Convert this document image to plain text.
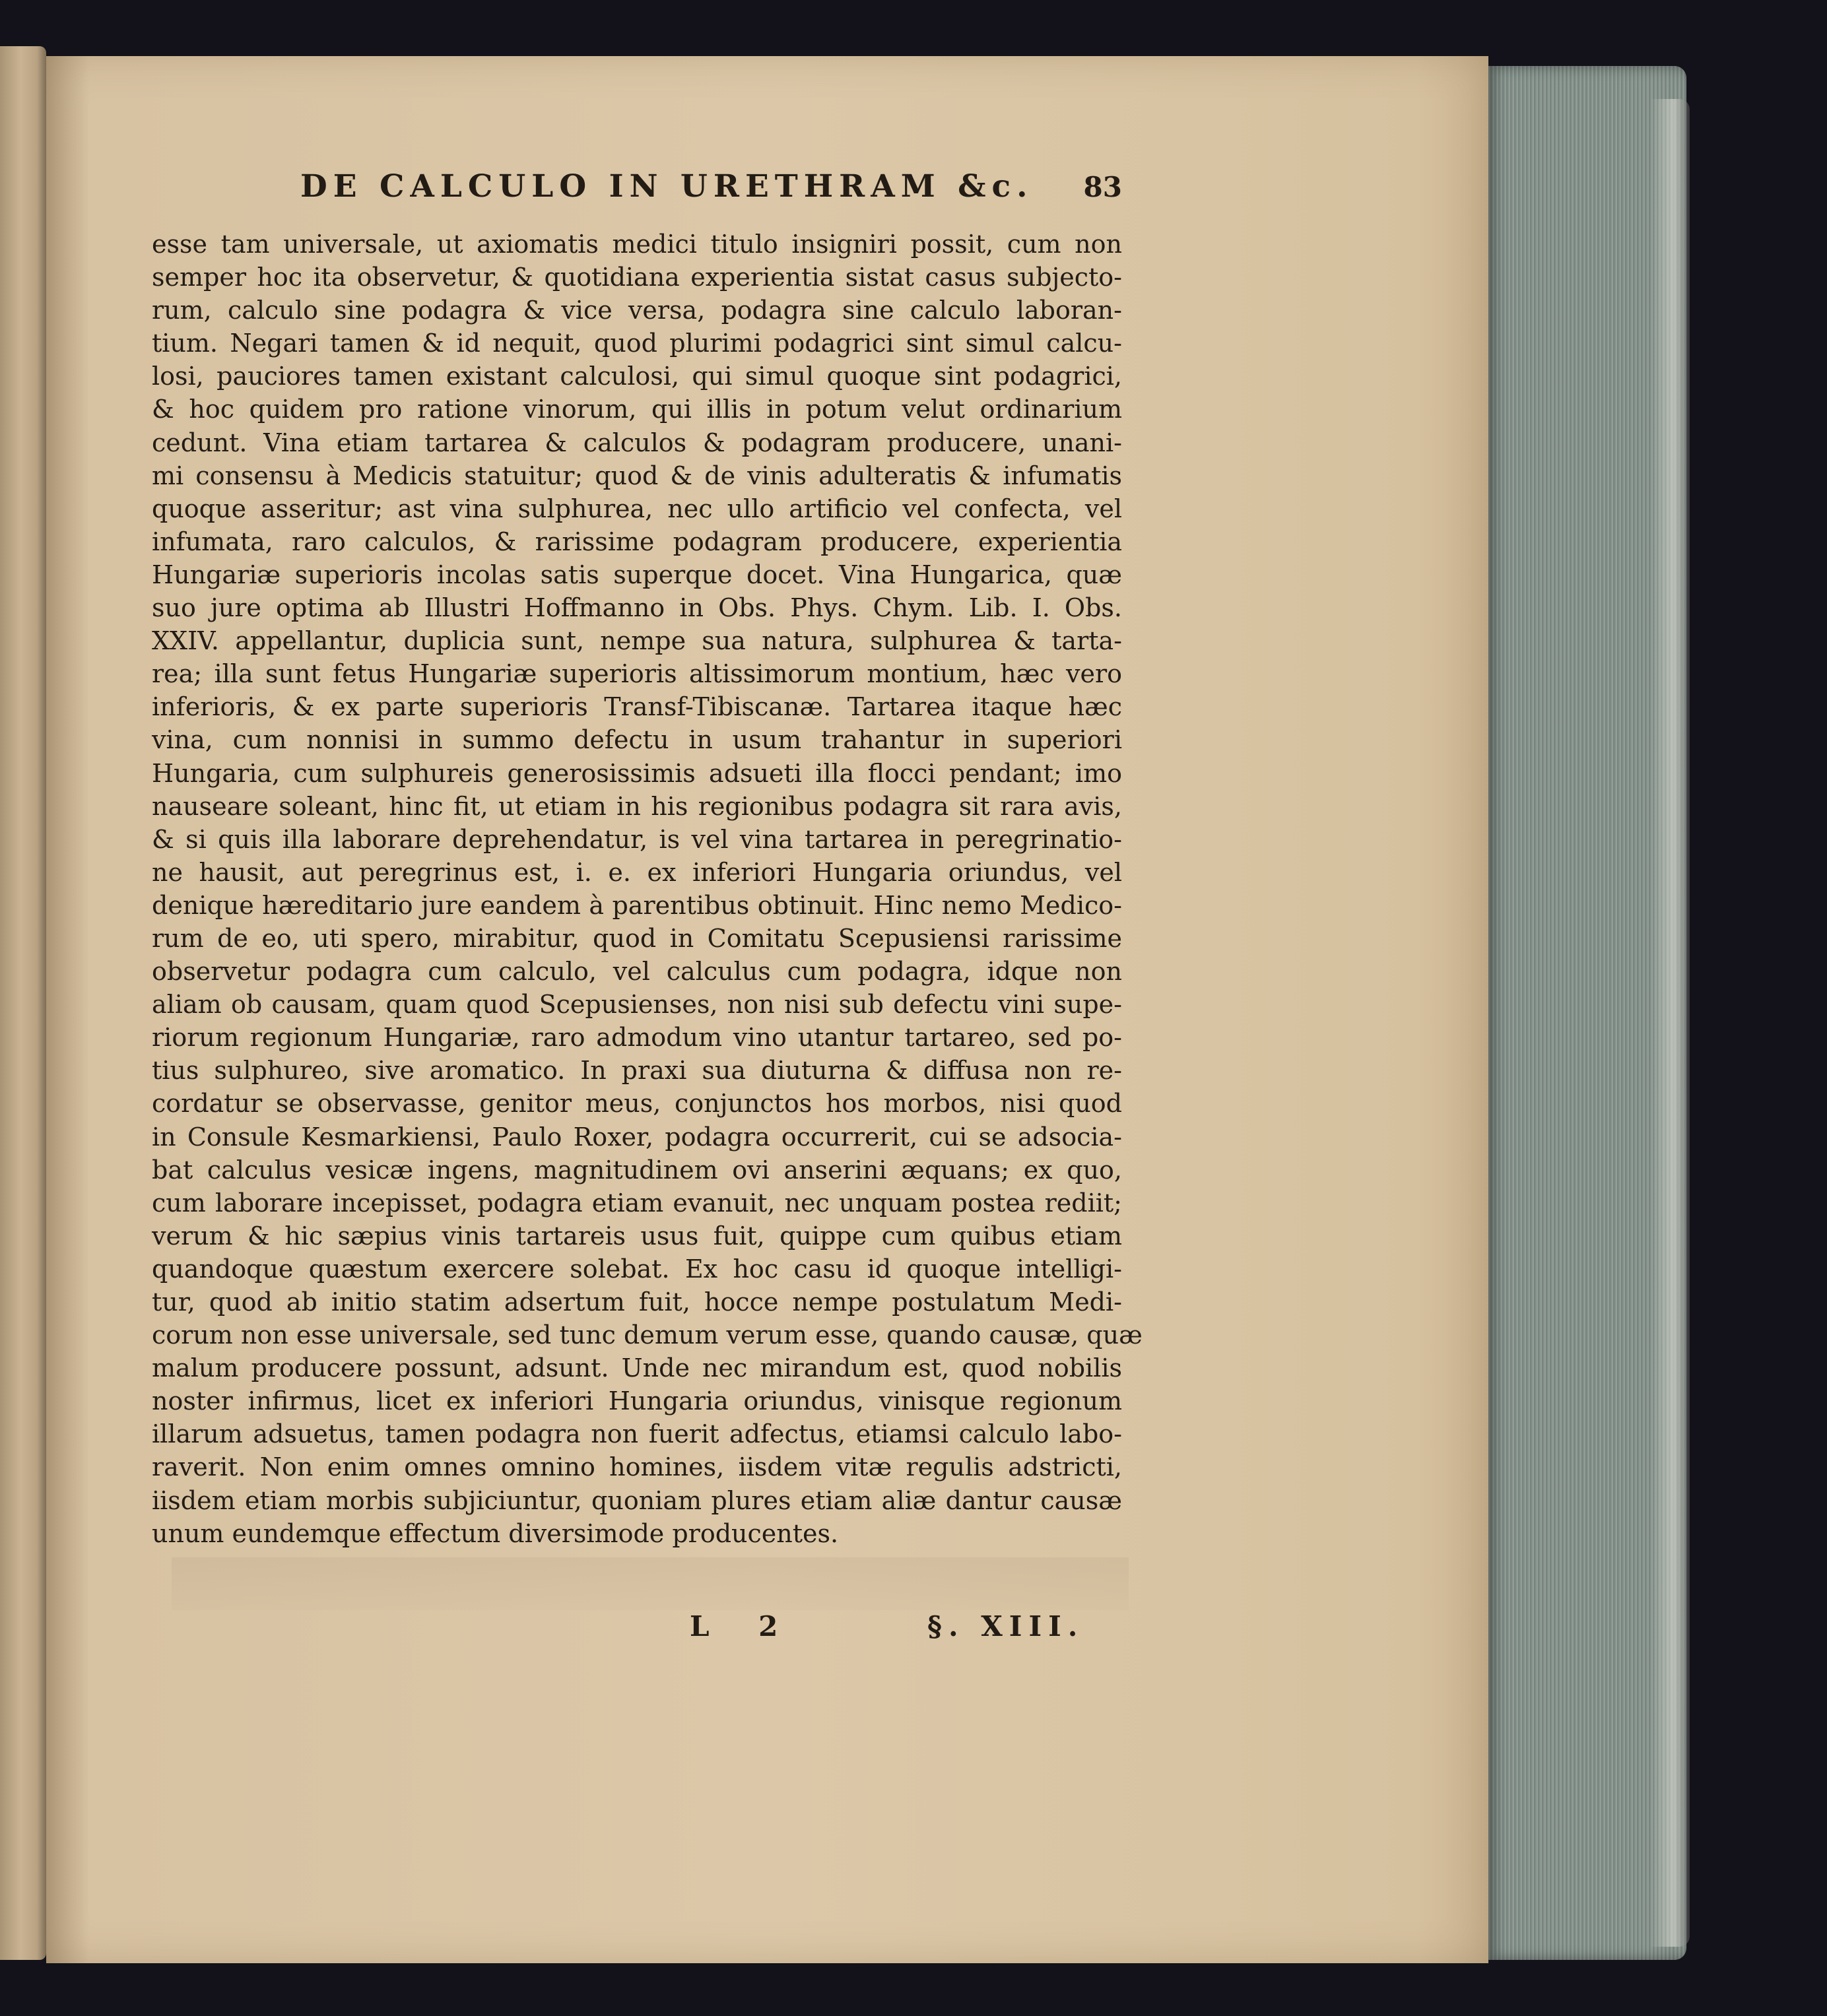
DE CALCULO IN URETHRAM &c. 83
esse tam universale, ut axiomatis medici titulo insigniri possit, cum non
semper hoc ita observetur, & quotidiana experientia sistat casus subjecto-
rum, calculo sine podagra & vice versa, podagra sine calculo laboran-
tium. Negari tamen & id nequit, quod plurimi podagrici sint simul calcu-
losi, pauciores tamen existant calculosi, qui simul quoque sint podagrici,
& hoc quidem pro ratione vinorum, qui illis in potum velut ordinarium
cedunt. Vina etiam tartarea & calculos & podagram producere, unani-
mi consensu à Medicis statuitur; quod & de vinis adulteratis & infumatis
quoque asseritur; ast vina sulphurea, nec ullo artificio vel confecta, vel
infumata, raro calculos, & rarissime podagram producere, experientia
Hungariæ superioris incolas satis superque docet. Vina Hungarica, quæ
suo jure optima ab Illustri Hoffmanno in Obs. Phys. Chym. Lib. I. Obs.
XXIV. appellantur, duplicia sunt, nempe sua natura, sulphurea & tarta-
rea; illa sunt fetus Hungariæ superioris altissimorum montium, hæc vero
inferioris, & ex parte superioris Transf-Tibiscanæ. Tartarea itaque hæc
vina, cum nonnisi in summo defectu in usum trahantur in superiori
Hungaria, cum sulphureis generosissimis adsueti illa flocci pendant; imo
nauseare soleant, hinc fit, ut etiam in his regionibus podagra sit rara avis,
& si quis illa laborare deprehendatur, is vel vina tartarea in peregrinatio-
ne hausit, aut peregrinus est, i. e. ex inferiori Hungaria oriundus, vel
denique hæreditario jure eandem à parentibus obtinuit. Hinc nemo Medico-
rum de eo, uti spero, mirabitur, quod in Comitatu Scepusiensi rarissime
observetur podagra cum calculo, vel calculus cum podagra, idque non
aliam ob causam, quam quod Scepusienses, non nisi sub defectu vini supe-
riorum regionum Hungariæ, raro admodum vino utantur tartareo, sed po-
tius sulphureo, sive aromatico. In praxi sua diuturna & diffusa non re-
cordatur se observasse, genitor meus, conjunctos hos morbos, nisi quod
in Consule Kesmarkiensi, Paulo Roxer, podagra occurrerit, cui se adsocia-
bat calculus vesicæ ingens, magnitudinem ovi anserini æquans; ex quo,
cum laborare incepisset, podagra etiam evanuit, nec unquam postea rediit;
verum & hic sæpius vinis tartareis usus fuit, quippe cum quibus etiam
quandoque quæstum exercere solebat. Ex hoc casu id quoque intelligi-
tur, quod ab initio statim adsertum fuit, hocce nempe postulatum Medi-
corum non esse universale, sed tunc demum verum esse, quando causæ, quæ
malum producere possunt, adsunt. Unde nec mirandum est, quod nobilis
noster infirmus, licet ex inferiori Hungaria oriundus, vinisque regionum
illarum adsuetus, tamen podagra non fuerit adfectus, etiamsi calculo labo-
raverit. Non enim omnes omnino homines, iisdem vitæ regulis adstricti,
iisdem etiam morbis subjiciuntur, quoniam plures etiam aliæ dantur causæ
unum eundemque effectum diversimode producentes.
L 2	§. XIII.
